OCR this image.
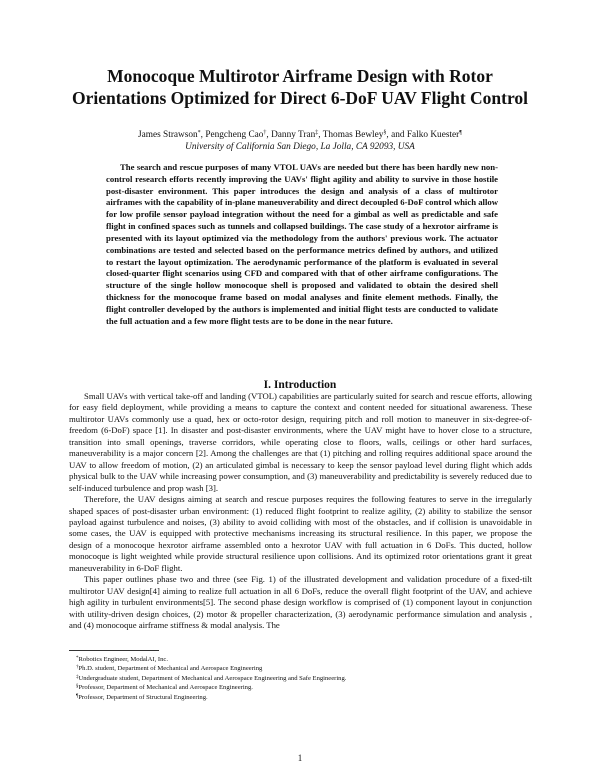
Monocoque Multirotor Airframe Design with Rotor Orientations Optimized for Direct 6-DoF UAV Flight Control
James Strawson*, Pengcheng Cao†, Danny Tran‡, Thomas Bewley§, and Falko Kuester¶
University of California San Diego, La Jolla, CA 92093, USA

The search and rescue purposes of many VTOL UAVs are needed but there has been hardly new non-control research efforts recently improving the UAVs' flight agility and ability to survive in those hostile post-disaster environment. This paper introduces the design and analysis of a class of multirotor airframes with the capability of in-plane maneuverability and direct decoupled 6-DoF control which allow for low profile sensor payload integration without the need for a gimbal as well as predictable and safe flight in confined spaces such as tunnels and collapsed buildings. The case study of a hexrotor airframe is presented with its layout optimized via the methodology from the authors' previous work. The actuator combinations are tested and selected based on the performance metrics defined by authors, and utilized to restart the layout optimization. The aerodynamic performance of the platform is evaluated in several closed-quarter flight scenarios using CFD and compared with that of other airframe configurations. The structure of the single hollow monocoque shell is proposed and validated to obtain the desired shell thickness for the monocoque frame based on modal analyses and finite element methods. Finally, the flight controller developed by the authors is implemented and initial flight tests are conducted to validate the full actuation and a few more flight tests are to be done in the near future.

I. Introduction

Small UAVs with vertical take-off and landing (VTOL) capabilities are particularly suited for search and rescue efforts, allowing for easy field deployment, while providing a means to capture the context and content needed for situational awareness. These multirotor UAVs commonly use a quad, hex or octo-rotor design, requiring pitch and roll motion to maneuver in six-degree-of-freedom (6-DoF) space [1]. In disaster and post-disaster environments, where the UAV might have to hover close to a structure, transition into small openings, traverse corridors, while operating close to floors, walls, ceilings or other hard surfaces, maneuverability is a major concern [2]. Among the challenges are that (1) pitching and rolling requires additional space around the UAV to allow freedom of motion, (2) an articulated gimbal is necessary to keep the sensor payload level during flight which adds physical bulk to the UAV while increasing power consumption, and (3) maneuverability and predictability is severely reduced due to self-induced turbulence and prop wash [3].

Therefore, the UAV designs aiming at search and rescue purposes requires the following features to serve in the irregularly shaped spaces of post-disaster urban environment: (1) reduced flight footprint to realize agility, (2) ability to stabilize the sensor payload against turbulence and noises, (3) ability to avoid colliding with most of the obstacles, and if collision is unavoidable in some cases, the UAV is equipped with protective mechanisms increasing its structural resilience. In this paper, we propose the design of a monocoque hexrotor airframe assembled onto a hexrotor UAV with full actuation in 6 DoFs. This ducted, hollow monocoque is light weighted while provide structural resilience upon collisions. And its optimized rotor orientations grant it great maneuverability in 6-DoF flight.

This paper outlines phase two and three (see Fig. 1) of the illustrated development and validation procedure of a fixed-tilt multirotor UAV design[4] aiming to realize full actuation in all 6 DoFs, reduce the overall flight footprint of the UAV, and achieve high agility in turbulent environments[5]. The second phase design workflow is comprised of (1) component layout in conjunction with utility-driven design choices, (2) motor & propeller characterization, (3) aerodynamic performance simulation and analysis , and (4) monocoque airframe stiffness & modal analysis. The

*Robotics Engineer, ModalAI, Inc.

†Ph.D. student, Department of Mechanical and Aerospace Engineering

‡Undergraduate student, Department of Mechanical and Aerospace Engineering and Safe Engineering.

§Professor, Department of Mechanical and Aerospace Engineering.

¶Professor, Department of Structural Engineering.

1
